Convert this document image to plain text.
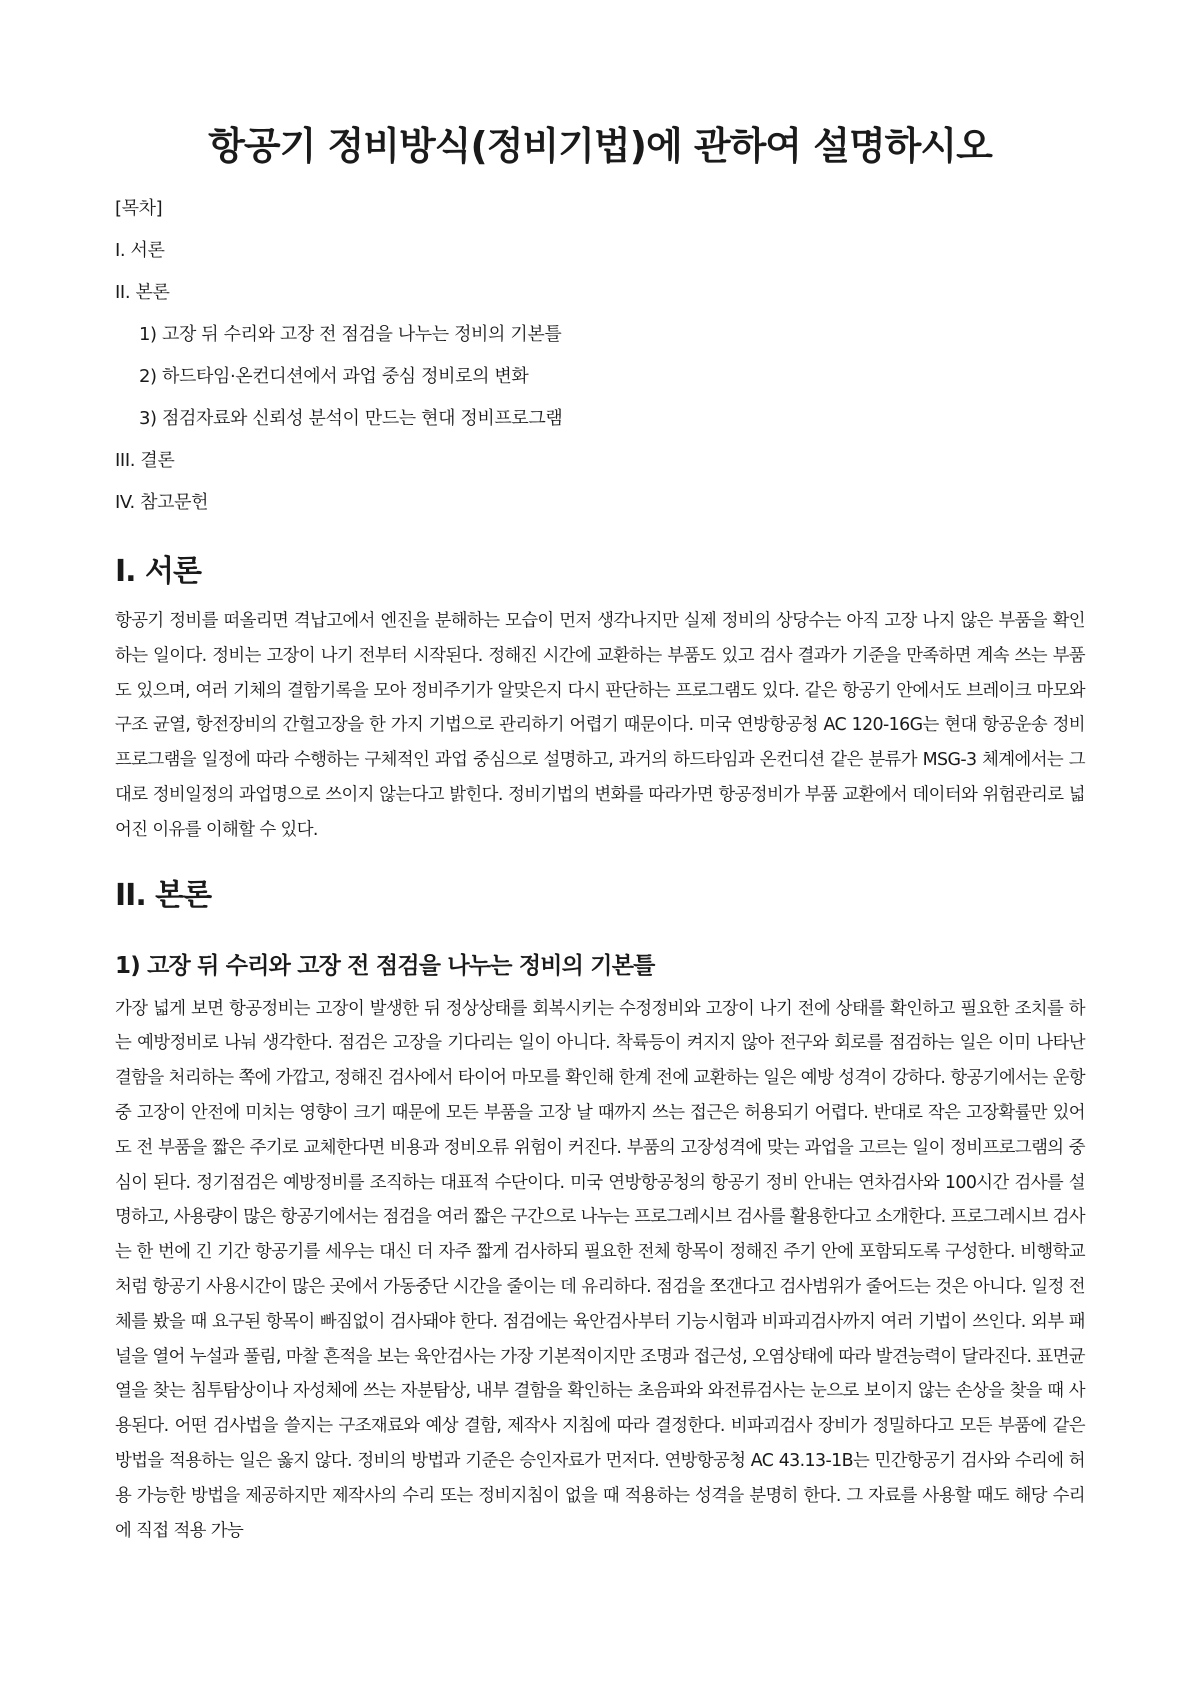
항공기 정비방식(정비기법)에 관하여 설명하시오
[목차]
I. 서론
II. 본론
1) 고장 뒤 수리와 고장 전 점검을 나누는 정비의 기본틀
2) 하드타임·온컨디션에서 과업 중심 정비로의 변화
3) 점검자료와 신뢰성 분석이 만드는 현대 정비프로그램
III. 결론
IV. 참고문헌
I. 서론

항공기 정비를 떠올리면 격납고에서 엔진을 분해하는 모습이 먼저 생각나지만 실제 정비의 상당수는 아직 고장 나지 않은 부품을 확인하는 일이다. 정비는 고장이 나기 전부터 시작된다. 정해진 시간에 교환하는 부품도 있고 검사 결과가 기준을 만족하면 계속 쓰는 부품도 있으며, 여러 기체의 결함기록을 모아 정비주기가 알맞은지 다시 판단하는 프로그램도 있다. 같은 항공기 안에서도 브레이크 마모와 구조 균열, 항전장비의 간헐고장을 한 가지 기법으로 관리하기 어렵기 때문이다. 미국 연방항공청 AC 120-16G는 현대 항공운송 정비프로그램을 일정에 따라 수행하는 구체적인 과업 중심으로 설명하고, 과거의 하드타임과 온컨디션 같은 분류가 MSG-3 체계에서는 그대로 정비일정의 과업명으로 쓰이지 않는다고 밝힌다. 정비기법의 변화를 따라가면 항공정비가 부품 교환에서 데이터와 위험관리로 넓어진 이유를 이해할 수 있다.

II. 본론
1) 고장 뒤 수리와 고장 전 점검을 나누는 정비의 기본틀

가장 넓게 보면 항공정비는 고장이 발생한 뒤 정상상태를 회복시키는 수정정비와 고장이 나기 전에 상태를 확인하고 필요한 조치를 하는 예방정비로 나눠 생각한다. 점검은 고장을 기다리는 일이 아니다. 착륙등이 켜지지 않아 전구와 회로를 점검하는 일은 이미 나타난 결함을 처리하는 쪽에 가깝고, 정해진 검사에서 타이어 마모를 확인해 한계 전에 교환하는 일은 예방 성격이 강하다. 항공기에서는 운항 중 고장이 안전에 미치는 영향이 크기 때문에 모든 부품을 고장 날 때까지 쓰는 접근은 허용되기 어렵다. 반대로 작은 고장확률만 있어도 전 부품을 짧은 주기로 교체한다면 비용과 정비오류 위험이 커진다. 부품의 고장성격에 맞는 과업을 고르는 일이 정비프로그램의 중심이 된다. 정기점검은 예방정비를 조직하는 대표적 수단이다. 미국 연방항공청의 항공기 정비 안내는 연차검사와 100시간 검사를 설명하고, 사용량이 많은 항공기에서는 점검을 여러 짧은 구간으로 나누는 프로그레시브 검사를 활용한다고 소개한다. 프로그레시브 검사는 한 번에 긴 기간 항공기를 세우는 대신 더 자주 짧게 검사하되 필요한 전체 항목이 정해진 주기 안에 포함되도록 구성한다. 비행학교처럼 항공기 사용시간이 많은 곳에서 가동중단 시간을 줄이는 데 유리하다. 점검을 쪼갠다고 검사범위가 줄어드는 것은 아니다. 일정 전체를 봤을 때 요구된 항목이 빠짐없이 검사돼야 한다. 점검에는 육안검사부터 기능시험과 비파괴검사까지 여러 기법이 쓰인다. 외부 패널을 열어 누설과 풀림, 마찰 흔적을 보는 육안검사는 가장 기본적이지만 조명과 접근성, 오염상태에 따라 발견능력이 달라진다. 표면균열을 찾는 침투탐상이나 자성체에 쓰는 자분탐상, 내부 결함을 확인하는 초음파와 와전류검사는 눈으로 보이지 않는 손상을 찾을 때 사용된다. 어떤 검사법을 쓸지는 구조재료와 예상 결함, 제작사 지침에 따라 결정한다. 비파괴검사 장비가 정밀하다고 모든 부품에 같은 방법을 적용하는 일은 옳지 않다. 정비의 방법과 기준은 승인자료가 먼저다. 연방항공청 AC 43.13-1B는 민간항공기 검사와 수리에 허용 가능한 방법을 제공하지만 제작사의 수리 또는 정비지침이 없을 때 적용하는 성격을 분명히 한다. 그 자료를 사용할 때도 해당 수리에 직접 적용 가능
